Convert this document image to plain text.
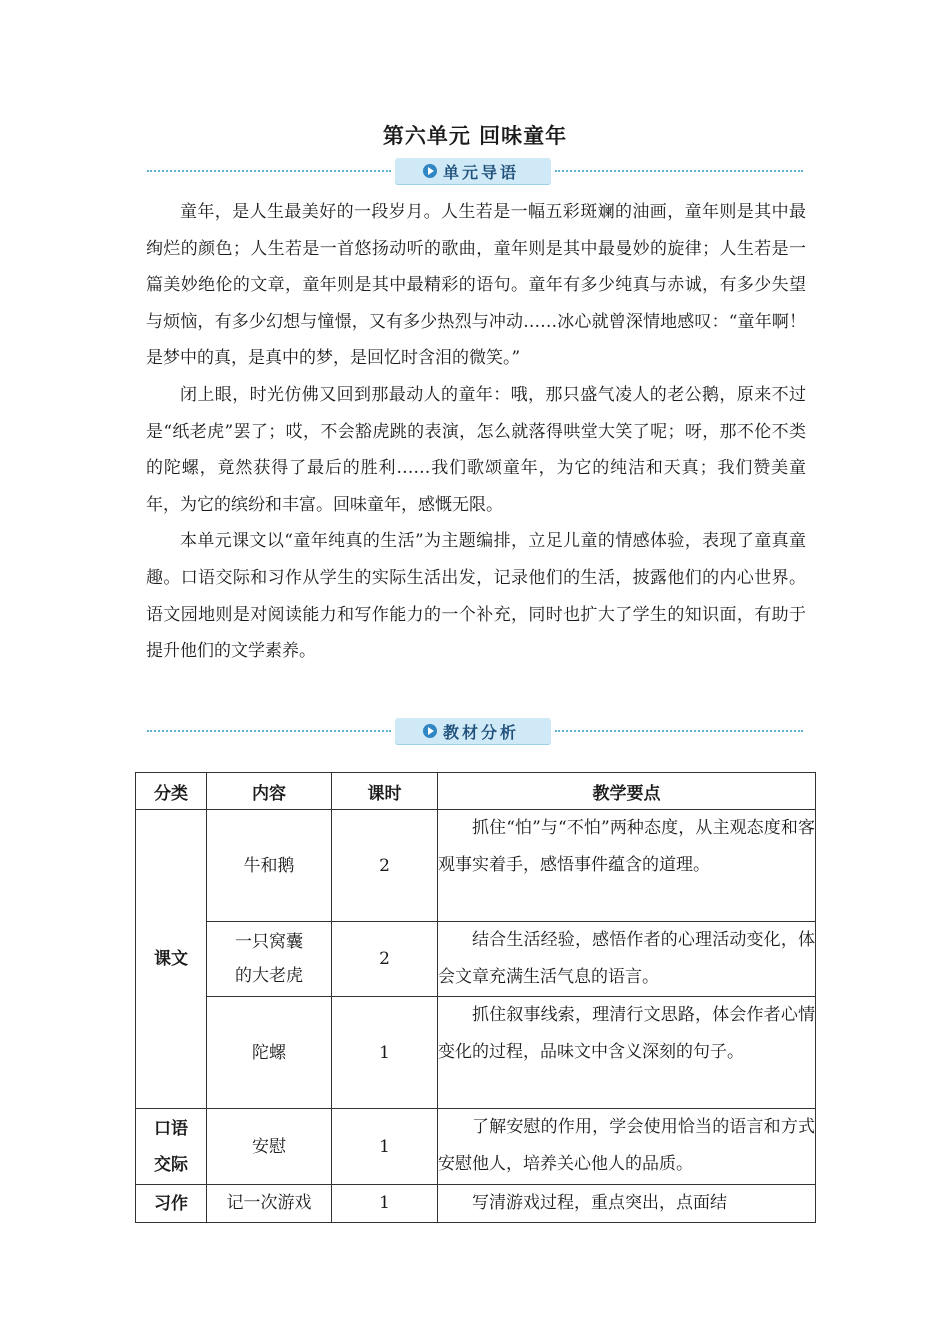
第六单元 回味童年
单元导语

童年，是人生最美好的一段岁月。人生若是一幅五彩斑斓的油画，童年则是其中最绚烂的颜色；人生若是一首悠扬动听的歌曲，童年则是其中最曼妙的旋律；人生若是一篇美妙绝伦的文章，童年则是其中最精彩的语句。童年有多少纯真与赤诚，有多少失望与烦恼，有多少幻想与憧憬，又有多少热烈与冲动……冰心就曾深情地感叹：“童年啊！是梦中的真，是真中的梦，是回忆时含泪的微笑。”

闭上眼，时光仿佛又回到那最动人的童年：哦，那只盛气凌人的老公鹅，原来不过是“纸老虎”罢了；哎，不会豁虎跳的表演，怎么就落得哄堂大笑了呢；呀，那不伦不类的陀螺，竟然获得了最后的胜利……我们歌颂童年，为它的纯洁和天真；我们赞美童年，为它的缤纷和丰富。回味童年，感慨无限。

本单元课文以“童年纯真的生活”为主题编排，立足儿童的情感体验，表现了童真童趣。口语交际和习作从学生的实际生活出发，记录他们的生活，披露他们的内心世界。语文园地则是对阅读能力和写作能力的一个补充，同时也扩大了学生的知识面，有助于提升他们的文学素养。

教材分析
分类	内容	课时	教学要点
课文	牛和鹅	2	抓住“怕”与“不怕”两种态度，从主观态度和客观事实着手，感悟事件蕴含的道理。
	一只窝囊的大老虎	2	结合生活经验，感悟作者的心理活动变化，体会文章充满生活气息的语言。
	陀螺	1	抓住叙事线索，理清行文思路，体会作者心情变化的过程，品味文中含义深刻的句子。
口语交际	安慰	1	了解安慰的作用，学会使用恰当的语言和方式安慰他人，培养关心他人的品质。
习作	记一次游戏	1	写清游戏过程，重点突出，点面结
